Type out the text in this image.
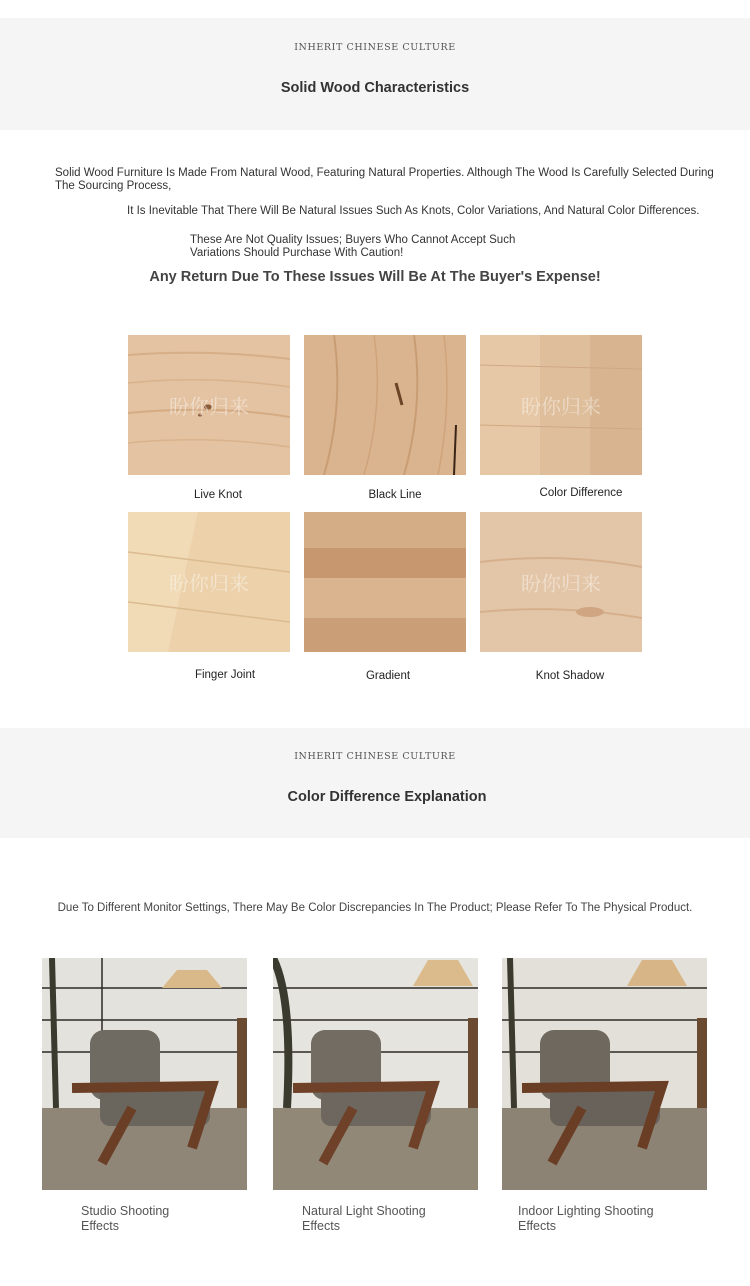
INHERIT CHINESE CULTURE
Solid Wood Characteristics
Solid Wood Furniture Is Made From Natural Wood, Featuring Natural Properties. Although The Wood Is Carefully Selected During The Sourcing Process,
It Is Inevitable That There Will Be Natural Issues Such As Knots, Color Variations, And Natural Color Differences.
These Are Not Quality Issues; Buyers Who Cannot Accept Such
Variations Should Purchase With Caution!
Any Return Due To These Issues Will Be At The Buyer's Expense!
盼你归来	盼你归来
Live Knot	Black Line	Color Difference
盼你归来	盼你归来
Finger Joint	Gradient	Knot Shadow
INHERIT CHINESE CULTURE
Color Difference Explanation
Due To Different Monitor Settings, There May Be Color Discrepancies In The Product; Please Refer To The Physical Product.
Studio Shooting
Effects
Natural Light Shooting
Effects
Indoor Lighting Shooting
Effects
